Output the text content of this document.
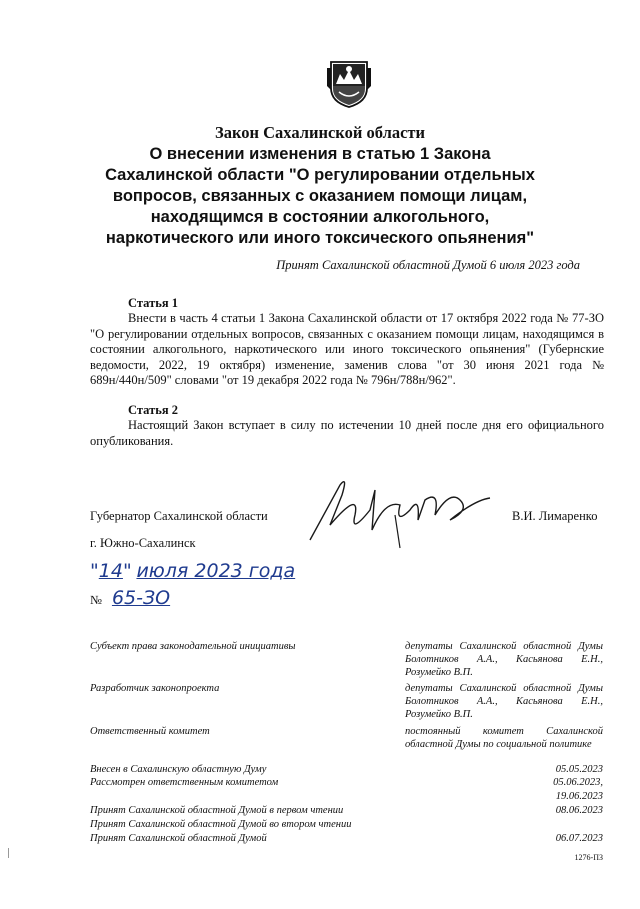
Закон Сахалинской области
О внесении изменения в статью 1 Закона
Сахалинской области "О регулировании отдельных
вопросов, связанных с оказанием помощи лицам,
находящимся в состоянии алкогольного,
наркотического или иного токсического опьянения"
Принят Сахалинской областной Думой 6 июля 2023 года
Статья 1
Внести в часть 4 статьи 1 Закона Сахалинской области от 17 октября 2022 года № 77-ЗО "О регулировании отдельных вопросов, связанных с оказанием помощи лицам, находящимся в состоянии алкогольного, наркотического или иного токсического опьянения" (Губернские ведомости, 2022, 19 октября) изменение, заменив слова "от 30 июня 2021 года № 689н/440н/509" словами "от 19 декабря 2022 года № 796н/788н/962".
Статья 2
Настоящий Закон вступает в силу по истечении 10 дней после дня его официального опубликования.
Губернатор Сахалинской области	В.И. Лимаренко
г. Южно-Сахалинск
"14" июля 2023 года
№ 65-ЗО
Субъект права законодательной инициативы	депутаты Сахалинской областной Думы Болотников А.А., Касьянова Е.Н., Розумейко В.П.
Разработчик законопроекта	депутаты Сахалинской областной Думы Болотников А.А., Касьянова Е.Н., Розумейко В.П.
Ответственный комитет	постоянный комитет Сахалинской областной Думы по социальной политике
Внесен в Сахалинскую областную Думу	05.05.2023
Рассмотрен ответственным комитетом	05.06.2023,
19.06.2023
Принят Сахалинской областной Думой в первом чтении	08.06.2023
Принят Сахалинской областной Думой во втором чтении
Принят Сахалинской областной Думой	06.07.2023
1276-ПЗ
